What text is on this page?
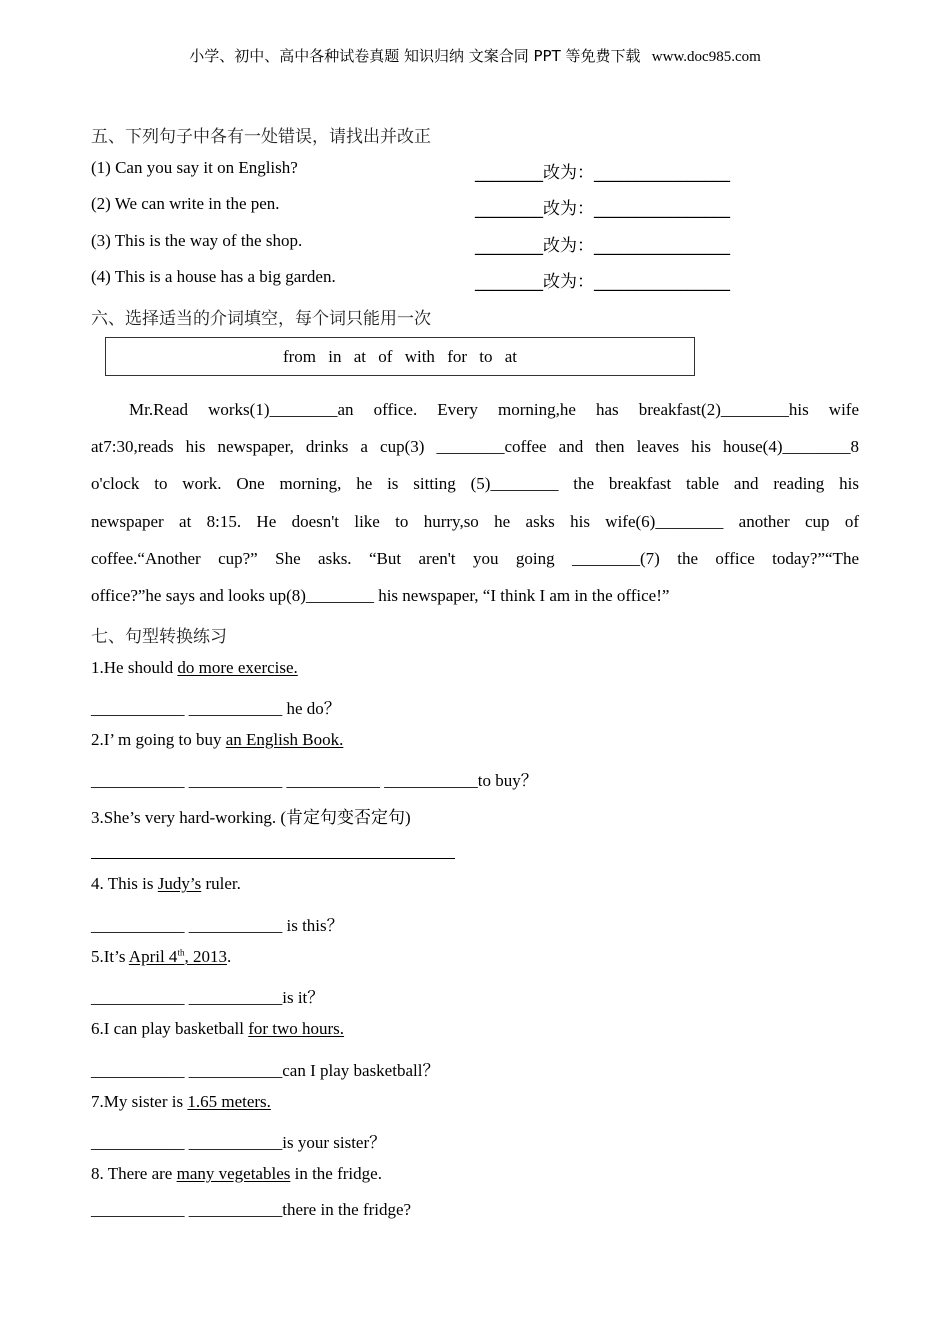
小学、初中、高中各种试卷真题 知识归纳 文案合同 PPT 等免费下载 www.doc985.com
五、下列句子中各有一处错误，请找出并改正
(1) Can you say it on English?	________改为：________________
(2) We can write in the pen.	________改为：________________
(3) This is the way of the shop.	________改为：________________
(4) This is a house has a big garden.	________改为：________________
六、选择适当的介词填空，每个词只能用一次
from in at of with for to at
Mr.Read works(1)________an office. Every morning,he has breakfast(2)________his wife
at7:30,reads his newspaper, drinks a cup(3) ________coffee and then leaves his house(4)________8
o'clock to work. One morning, he is sitting (5)________ the breakfast table and reading his
newspaper at 8:15. He doesn't like to hurry,so he asks his wife(6)________ another cup of
coffee.“Another cup?” She asks. “But aren't you going ________(7) the office today?”“The
office?”he says and looks up(8)________ his newspaper, “I think I am in the office!”
七、句型转换练习
1.He should do more exercise.
___________ ___________ he do？
2.I’ m going to buy an English Book.
___________ ___________ ___________ ___________to buy？
3.She’s very hard-working. (肯定句变否定句)
4. This is Judy’s ruler.
___________ ___________ is this？
5.It’s April 4th, 2013.
___________ ___________is it？
6.I can play basketball for two hours.
___________ ___________can I play basketball？
7.My sister is 1.65 meters.
___________ ___________is your sister？
8. There are many vegetables in the fridge.
___________ ___________there in the fridge?
